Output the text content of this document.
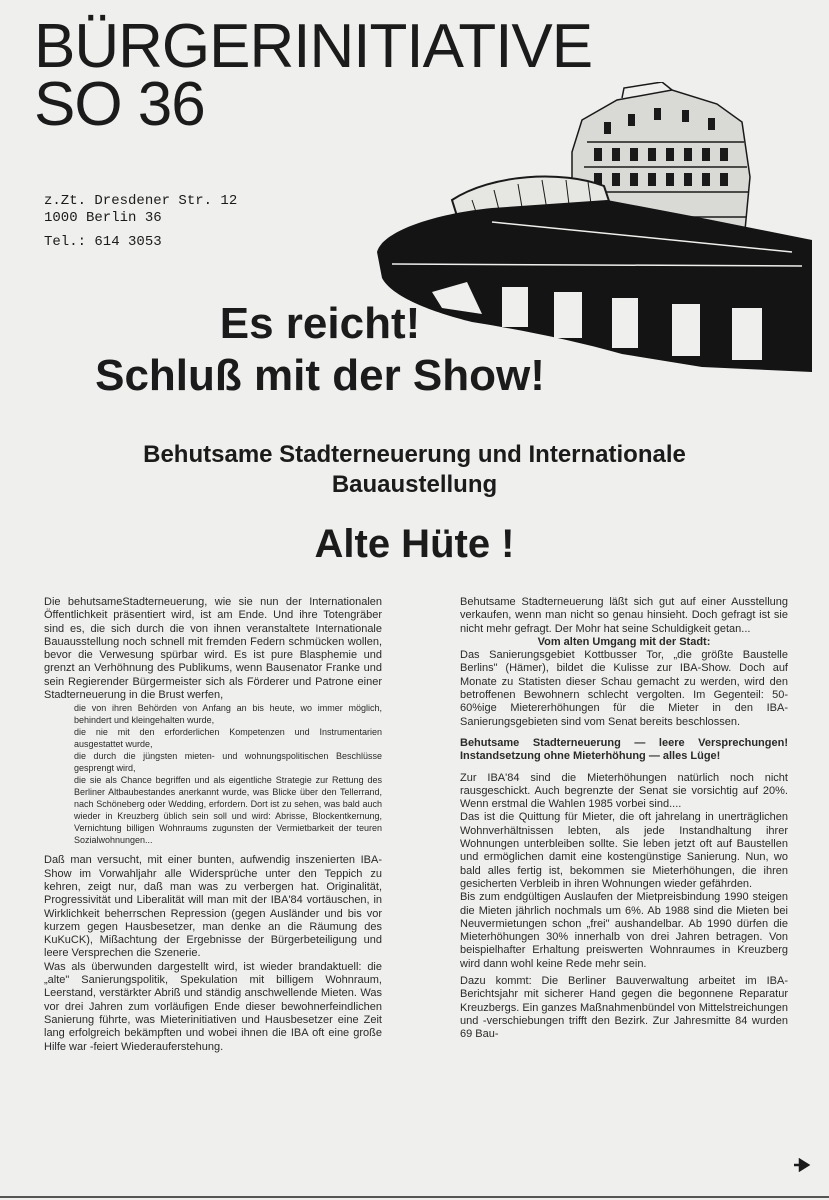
BÜRGERINITIATIVE
SO 36
z.Zt. Dresdener Str. 12
1000 Berlin 36
Tel.: 614 3053
Es reicht!
Schluß mit der Show!
Behutsame Stadterneuerung und Internationale
Bauaustellung
Alte Hüte !

Die behutsameStadterneuerung, wie sie nun der Internationalen Öffentlichkeit präsentiert wird, ist am Ende. Und ihre Totengräber sind es, die sich durch die von ihnen veranstaltete Internationale Bauausstellung noch schnell mit fremden Federn schmücken wollen, bevor die Verwesung spürbar wird. Es ist pure Blasphemie und grenzt an Verhöhnung des Publikums, wenn Bausenator Franke und sein Regierender Bürgermeister sich als Förderer und Patrone einer Stadterneuerung in die Brust werfen,

die von ihren Behörden von Anfang an bis heute, wo immer möglich, behindert und kleingehalten wurde,
die nie mit den erforderlichen Kompetenzen und Instrumentarien ausgestattet wurde,
die durch die jüngsten mieten- und wohnungspolitischen Beschlüsse gesprengt wird,
die sie als Chance begriffen und als eigentliche Strategie zur Rettung des Berliner Altbaubestandes anerkannt wurde, was Blicke über den Tellerrand, nach Schöneberg oder Wedding, erfordern. Dort ist zu sehen, was bald auch wieder in Kreuzberg üblich sein soll und wird: Abrisse, Blockentkernung, Vernichtung billigen Wohnraums zugunsten der Vermietbarkeit der teuren Sozialwohnungen...

Daß man versucht, mit einer bunten, aufwendig inszenierten IBA-Show im Vorwahljahr alle Widersprüche unter den Teppich zu kehren, zeigt nur, daß man was zu verbergen hat. Originalität, Progressivität und Liberalität will man mit der IBA'84 vortäuschen, in Wirklichkeit beherrschen Repression (gegen Ausländer und bis vor kurzem gegen Hausbesetzer, man denke an die Räumung des KuKuCK), Mißachtung der Ergebnisse der Bürgerbeteiligung und leere Versprechen die Szenerie.

Was als überwunden dargestellt wird, ist wieder brandaktuell: die „alte" Sanierungspolitik, Spekulation mit billigem Wohnraum, Leerstand, verstärkter Abriß und ständig anschwellende Mieten. Was vor drei Jahren zum vorläufigen Ende dieser bewohnerfeindlichen Sanierung führte, was Mieterinitiativen und Hausbesetzer eine Zeit lang erfolgreich bekämpften und wobei ihnen die IBA oft eine große Hilfe war -feiert Wiederauferstehung.

Behutsame Stadterneuerung läßt sich gut auf einer Ausstellung verkaufen, wenn man nicht so genau hinsieht. Doch gefragt ist sie nicht mehr gefragt. Der Mohr hat seine Schuldigkeit getan...

Vom alten Umgang mit der Stadt:

Das Sanierungsgebiet Kottbusser Tor, „die größte Baustelle Berlins" (Hämer), bildet die Kulisse zur IBA-Show. Doch auf Monate zu Statisten dieser Schau gemacht zu werden, wird den betroffenen Bewohnern schlecht vergolten. Im Gegenteil: 50-60%ige Mietererhöhungen für die Mieter in den IBA-Sanierungsgebieten sind vom Senat bereits beschlossen.

Behutsame Stadterneuerung — leere Versprechungen! Instandsetzung ohne Mieterhöhung — alles Lüge!

Zur IBA'84 sind die Mieterhöhungen natürlich noch nicht rausgeschickt. Auch begrenzte der Senat sie vorsichtig auf 20%. Wenn erstmal die Wahlen 1985 vorbei sind....

Das ist die Quittung für Mieter, die oft jahrelang in unerträglichen Wohnverhältnissen lebten, als jede Instandhaltung ihrer Wohnungen unterbleiben sollte. Sie leben jetzt oft auf Baustellen und ermöglichen damit eine kostengünstige Sanierung. Nun, wo bald alles fertig ist, bekommen sie Mieterhöhungen, die ihren gesicherten Verbleib in ihren Wohnungen wieder gefährden.

Bis zum endgültigen Auslaufen der Mietpreisbindung 1990 steigen die Mieten jährlich nochmals um 6%. Ab 1988 sind die Mieten bei Neuvermietungen schon „frei" aushandelbar. Ab 1990 dürfen die Mieterhöhungen 30% innerhalb von drei Jahren betragen. Von beispielhafter Erhaltung preiswerten Wohnraumes in Kreuzberg wird dann wohl keine Rede mehr sein.

Dazu kommt: Die Berliner Bauverwaltung arbeitet im IBA-Berichtsjahr mit sicherer Hand gegen die begonnene Reparatur Kreuzbergs. Ein ganzes Maßnahmenbündel von Mittelstreichungen und -verschiebungen trifft den Bezirk. Zur Jahresmitte 84 wurden 69 Bau-
